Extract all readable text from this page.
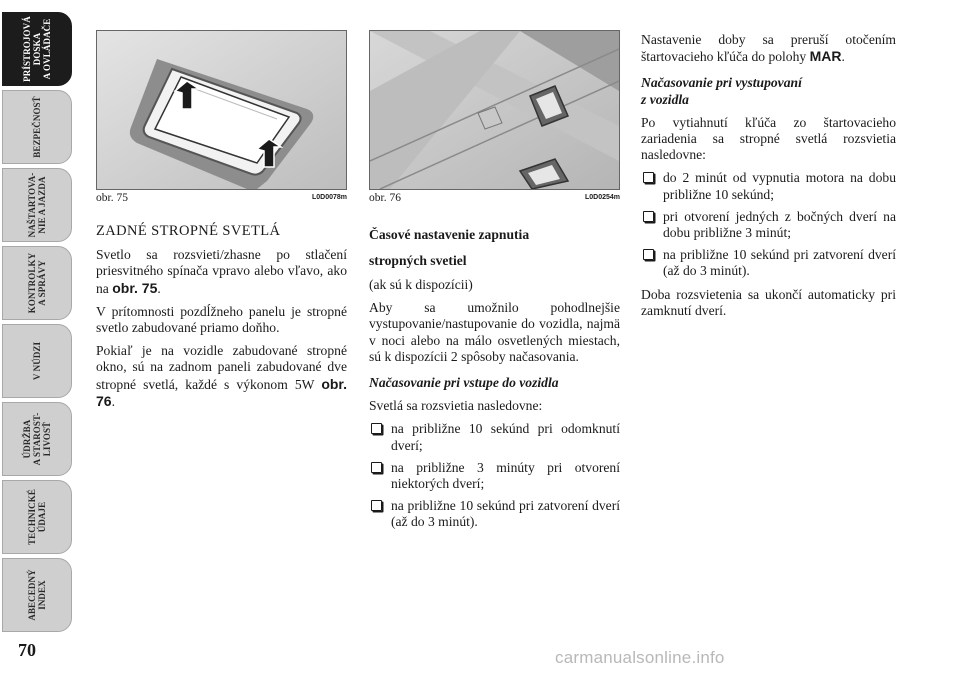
PRÍSTROJOVÁ
DOSKA
A OVLÁDAČE
BEZPEČNOSŤ
NAŠTARTOVA-
NIE A JAZDA
KONTROLKY
A SPRÁVY
V NÚDZI
ÚDRŽBA
A STAROST-
LIVOSŤ
TECHNICKÉ
ÚDAJE
ABECEDNÝ
INDEX
70
obr. 75	L0D0078m obr. 76	L0D0254m
ZADNÉ STROPNÉ SVETLÁ

Svetlo sa rozsvieti/zhasne po stlačení priesvitného spínača vpravo alebo vľavo, ako na obr. 75.

V prítomnosti pozdĺžneho panelu je stropné svetlo zabudované priamo doňho.

Pokiaľ je na vozidle zabudované stropné okno, sú na zadnom paneli zabudované dve stropné svetlá, každé s výkonom 5W obr. 76.

Časové nastavenie zapnutia

stropných svetiel

(ak sú k dispozícii)

Aby sa umožnilo pohodlnejšie vystupovanie/nastupovanie do vozidla, najmä v noci alebo na málo osvetlených miestach, sú k dispozícii 2 spôsoby načasovania.

Načasovanie pri vstupe do vozidla

Svetlá sa rozsvietia nasledovne:

na približne 10 sekúnd pri odomknutí dverí;
na približne 3 minúty pri otvorení niektorých dverí;
na približne 10 sekúnd pri zatvorení dverí (až do 3 minút).

Nastavenie doby sa preruší otočením štartovacieho kľúča do polohy MAR.

Načasovanie pri vystupovaní
z vozidla

Po vytiahnutí kľúča zo štartovacieho zariadenia sa stropné svetlá rozsvietia nasledovne:

do 2 minút od vypnutia motora na dobu približne 10 sekúnd;
pri otvorení jedných z bočných dverí na dobu približne 3 minút;
na približne 10 sekúnd pri zatvorení dverí (až do 3 minút).

Doba rozsvietenia sa ukončí automaticky pri zamknutí dverí.

carmanualsonline.info
